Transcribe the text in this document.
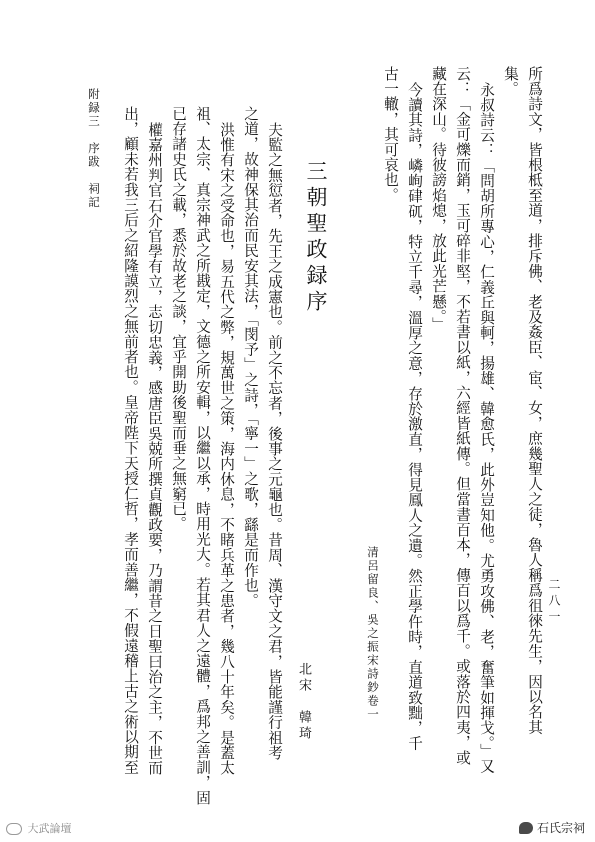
二八一
所爲詩文，皆根柢至道，排斥佛、老及姦臣、宦、女，庶幾聖人之徒，魯人稱爲徂徠先生，因以名其
集。
永叔詩云：「問胡所專心，仁義丘與軻，揚雄、韓愈氏，此外豈知他。尤勇攻佛、老，奮筆如揮戈。」又
云：「金可爍而銷，玉可碎非堅，不若書以紙，六經皆紙傳。但當書百本，傳百以爲千。或落於四夷，或
藏在深山。待彼謗焰熄，放此光芒懸。」
今讀其詩，嶙峋硉矹，特立千尋，溫厚之意，存於激直，得見鳳人之遺。然正學仵時，直道致黜，千
古一轍，其可哀也。
清呂留良、吳之振宋詩鈔卷一
三朝聖政録序
北宋　韓琦
夫監之無愆者，先王之成憲也。前之不忘者，後事之元龜也。昔周、漢守文之君，皆能謹行祖考
之道，故神保其治而民安其法，「閔予」之詩，「寧一」之歌，繇是而作也。
洪惟有宋之受命也，易五代之弊，規萬世之策，海内休息，不睹兵革之患者，幾八十年矣。是蓋太
祖、太宗、真宗神武之所戡定，文德之所安輯，以繼以承，時用光大。若其君人之遠體，爲邦之善訓，固
已存諸史氏之載，悉於故老之談，宜乎開助後聖而垂之無窮已。
權嘉州判官石介官學有立，志切忠義，感唐臣吳兢所撰貞觀政要，乃謂昔之日聖曰治之主，不世而
出，顧未若我三后之紹隆謨烈之無前者也。皇帝陛下天授仁哲，孝而善繼，不假遠稽上古之術以期至
附録三　序跋　祠記
大武論壇	石氏宗祠
